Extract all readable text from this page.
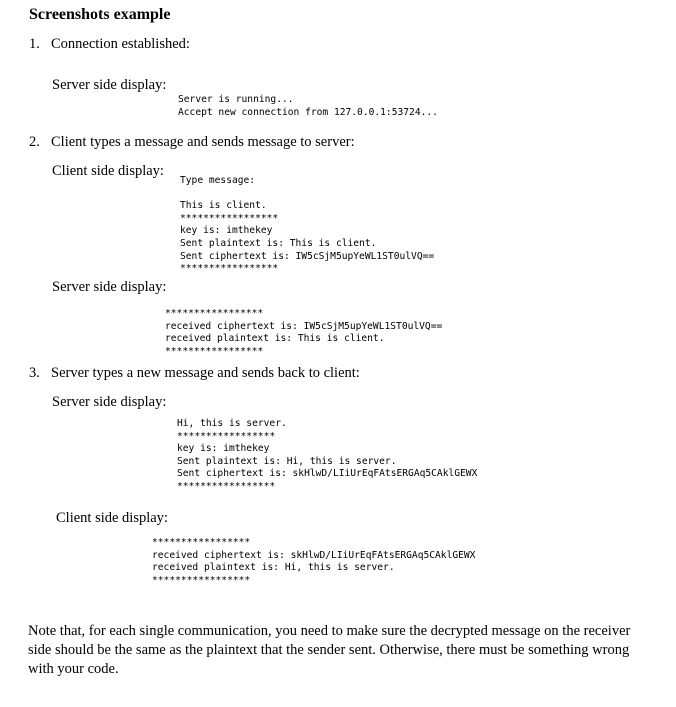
Screenshots example
1. Connection established:
Server side display:
Server is running...
Accept new connection from 127.0.0.1:53724...
2. Client types a message and sends message to server:
Client side display:
Type message:

This is client.
*****************
key is: imthekey
Sent plaintext is: This is client.
Sent ciphertext is: IW5cSjM5upYeWL1ST0ulVQ==
*****************
Server side display:
*****************
received ciphertext is: IW5cSjM5upYeWL1ST0ulVQ==
received plaintext is: This is client.
*****************
3. Server types a new message and sends back to client:
Server side display:
Hi, this is server.
*****************
key is: imthekey
Sent plaintext is: Hi, this is server.
Sent ciphertext is: skHlwD/LIiUrEqFAtsERGAq5CAklGEWX
*****************
Client side display:
*****************
received ciphertext is: skHlwD/LIiUrEqFAtsERGAq5CAklGEWX
received plaintext is: Hi, this is server.
*****************

Note that, for each single communication, you need to make sure the decrypted message on the receiver side should be the same as the plaintext that the sender sent. Otherwise, there must be something wrong with your code.
